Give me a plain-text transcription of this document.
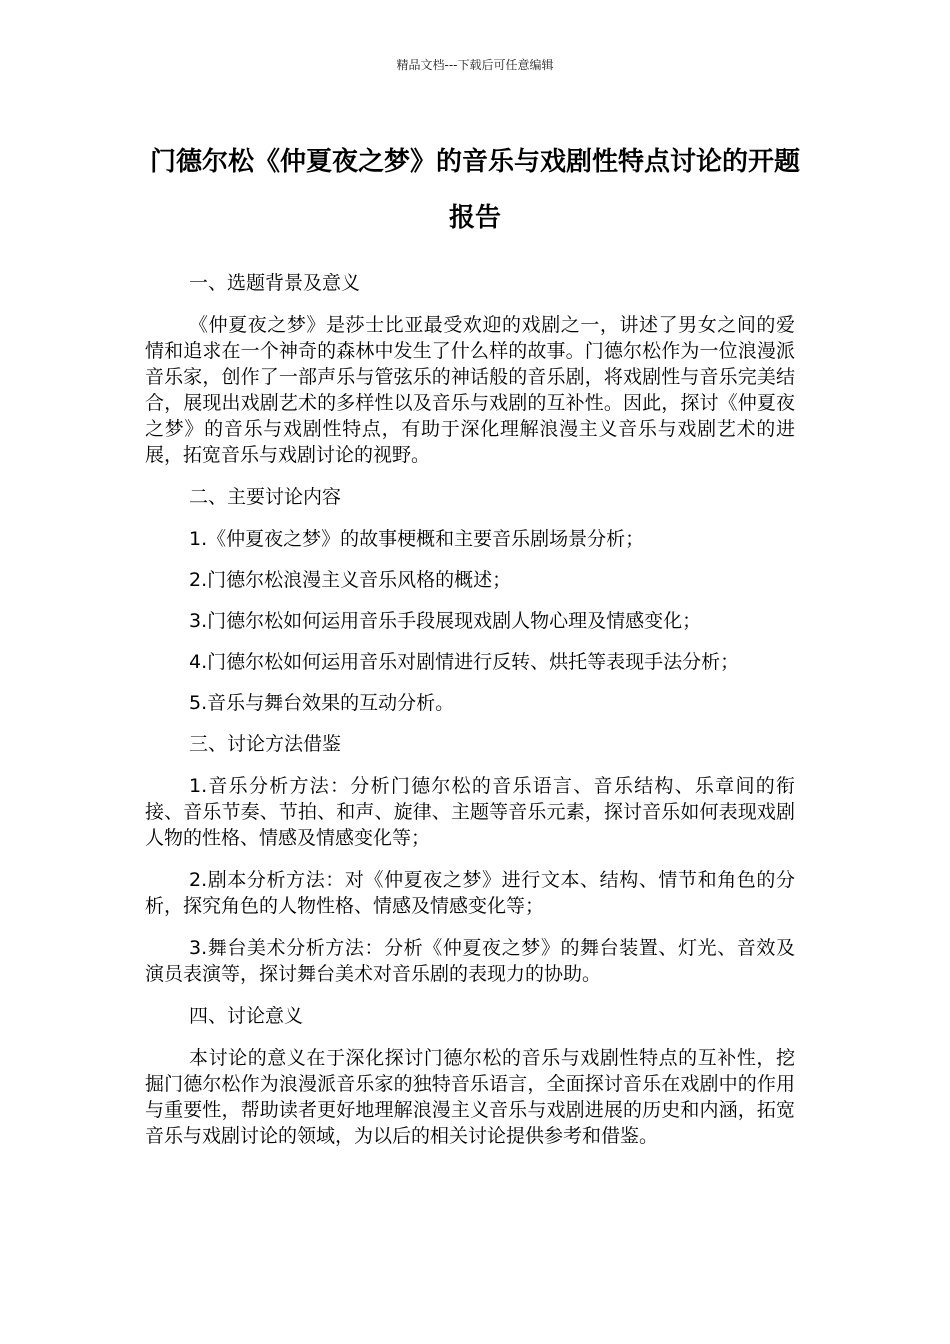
精品文档---下载后可任意编辑
门德尔松《仲夏夜之梦》的音乐与戏剧性特点讨论的开题报告

一、选题背景及意义

《仲夏夜之梦》是莎士比亚最受欢迎的戏剧之一，讲述了男女之间的爱情和追求在一个神奇的森林中发生了什么样的故事。门德尔松作为一位浪漫派音乐家，创作了一部声乐与管弦乐的神话般的音乐剧，将戏剧性与音乐完美结合，展现出戏剧艺术的多样性以及音乐与戏剧的互补性。因此，探讨《仲夏夜之梦》的音乐与戏剧性特点，有助于深化理解浪漫主义音乐与戏剧艺术的进展，拓宽音乐与戏剧讨论的视野。

二、主要讨论内容

1.《仲夏夜之梦》的故事梗概和主要音乐剧场景分析；

2.门德尔松浪漫主义音乐风格的概述；

3.门德尔松如何运用音乐手段展现戏剧人物心理及情感变化；

4.门德尔松如何运用音乐对剧情进行反转、烘托等表现手法分析；

5.音乐与舞台效果的互动分析。

三、讨论方法借鉴

1.音乐分析方法：分析门德尔松的音乐语言、音乐结构、乐章间的衔接、音乐节奏、节拍、和声、旋律、主题等音乐元素，探讨音乐如何表现戏剧人物的性格、情感及情感变化等；

2.剧本分析方法：对《仲夏夜之梦》进行文本、结构、情节和角色的分析，探究角色的人物性格、情感及情感变化等；

3.舞台美术分析方法：分析《仲夏夜之梦》的舞台装置、灯光、音效及演员表演等，探讨舞台美术对音乐剧的表现力的协助。

四、讨论意义

本讨论的意义在于深化探讨门德尔松的音乐与戏剧性特点的互补性，挖掘门德尔松作为浪漫派音乐家的独特音乐语言，全面探讨音乐在戏剧中的作用与重要性，帮助读者更好地理解浪漫主义音乐与戏剧进展的历史和内涵，拓宽音乐与戏剧讨论的领域，为以后的相关讨论提供参考和借鉴。
